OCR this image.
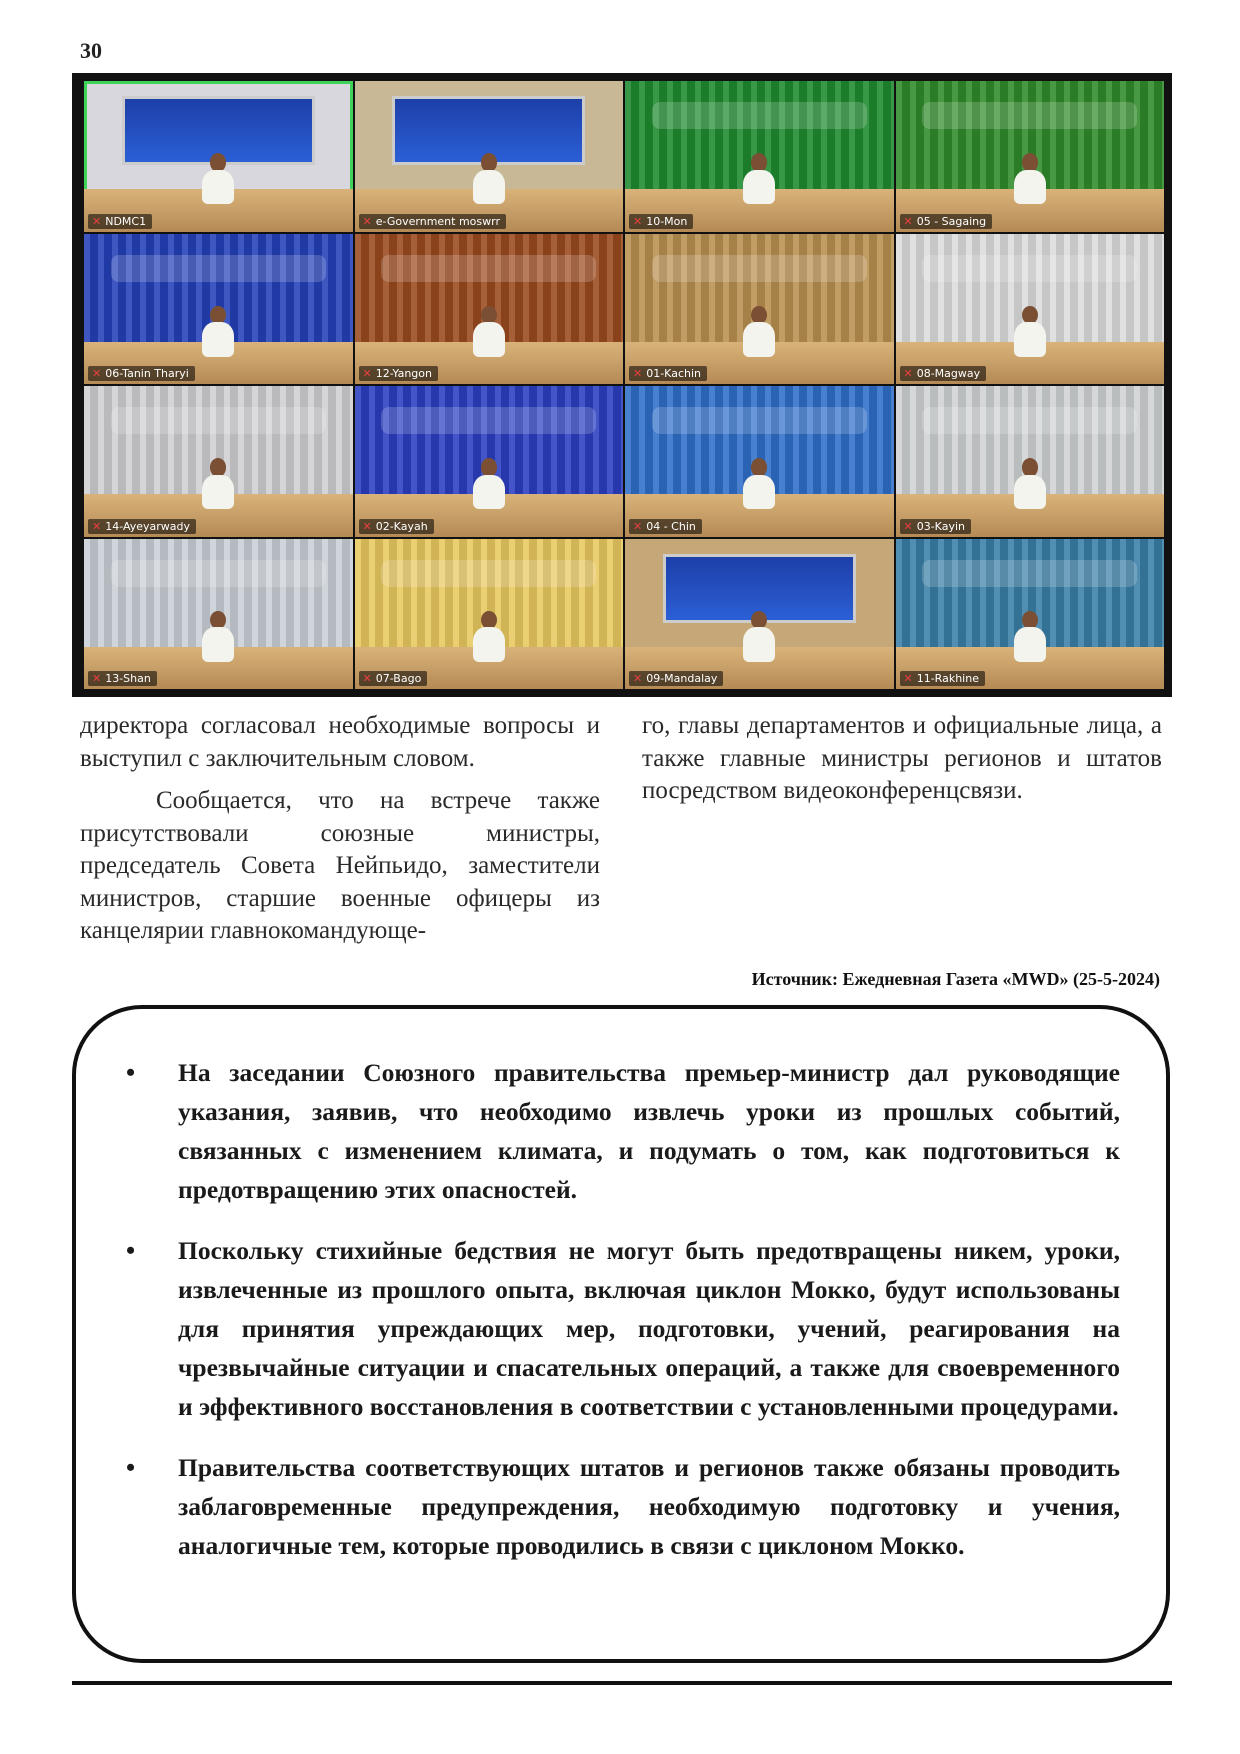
30
✕ NDMC1	✕ e-Government moswrr	✕ 10-Mon	✕ 05 - Sagaing
✕ 06-Tanin Tharyi	✕ 12-Yangon	✕ 01-Kachin	✕ 08-Magway
✕ 14-Ayeyarwady	✕ 02-Kayah	✕ 04 - Chin	✕ 03-Kayin
✕ 13-Shan	✕ 07-Bago	✕ 09-Mandalay	✕ 11-Rakhine

директора согласовал необходимые вопросы и выступил с заключительным словом.

Сообщается, что на встрече также присутствовали союзные министры, председатель Совета Нейпьидо, заместители министров, старшие военные офицеры из канцелярии главнокомандующе-

го, главы департаментов и официальные лица, а также главные министры регионов и штатов посредством видеоконференцсвязи.

Источник: Ежедневная Газета «MWD» (25-5-2024)
• На заседании Союзного правительства премьер-министр дал руководящие указания, заявив, что необходимо извлечь уроки из прошлых событий, связанных с изменением климата, и подумать о том, как подготовиться к предотвращению этих опасностей.
• Поскольку стихийные бедствия не могут быть предотвращены никем, уроки, извлеченные из прошлого опыта, включая циклон Мокко, будут использованы для принятия упреждающих мер, подготовки, учений, реагирования на чрезвычайные ситуации и спасательных операций, а также для своевременного и эффективного восстановления в соответствии с установленными процедурами.
• Правительства соответствующих штатов и регионов также обязаны проводить заблаговременные предупреждения, необходимую подготовку и учения, аналогичные тем, которые проводились в связи с циклоном Мокко.
